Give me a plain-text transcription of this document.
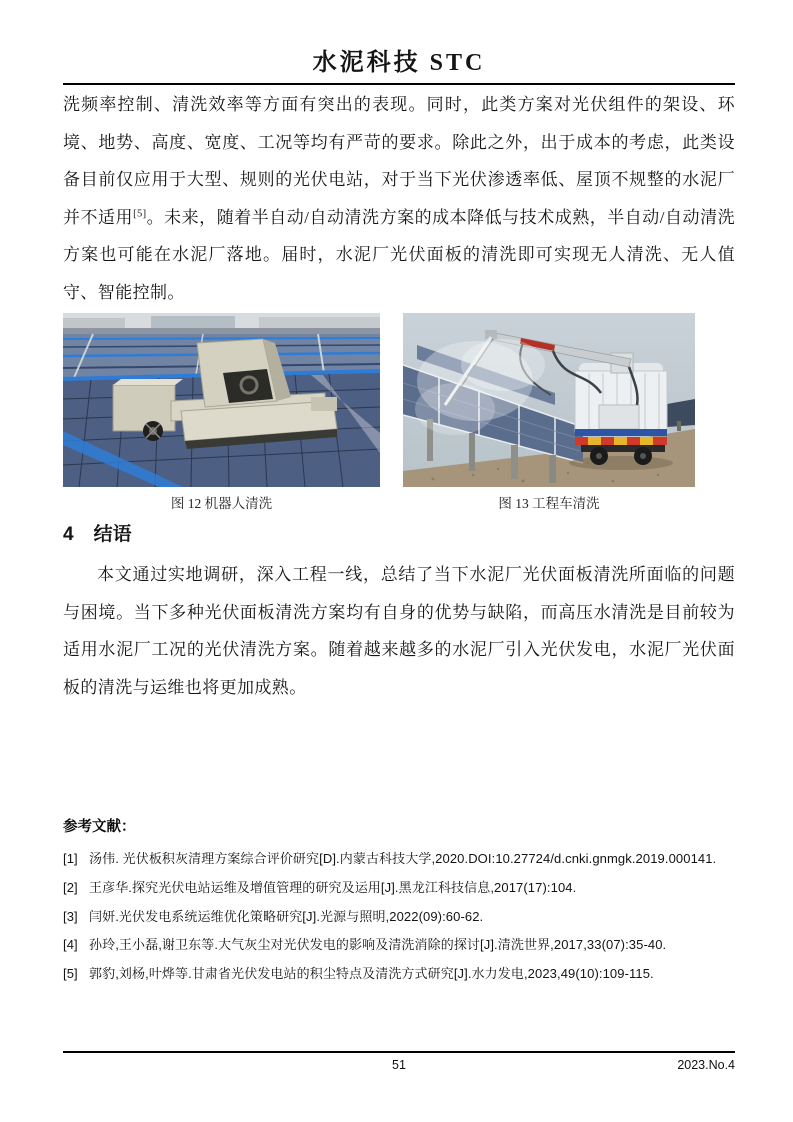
水泥科技 STC

洗频率控制、清洗效率等方面有突出的表现。同时，此类方案对光伏组件的架设、环境、地势、高度、宽度、工况等均有严苛的要求。除此之外，出于成本的考虑，此类设备目前仅应用于大型、规则的光伏电站，对于当下光伏渗透率低、屋顶不规整的水泥厂并不适用[5]。未来，随着半自动/自动清洗方案的成本降低与技术成熟，半自动/自动清洗方案也可能在水泥厂落地。届时，水泥厂光伏面板的清洗即可实现无人清洗、无人值守、智能控制。

图 12 机器人清洗	图 13 工程车清洗
4 结语

本文通过实地调研，深入工程一线，总结了当下水泥厂光伏面板清洗所面临的问题与困境。当下多种光伏面板清洗方案均有自身的优势与缺陷，而高压水清洗是目前较为适用水泥厂工况的光伏清洗方案。随着越来越多的水泥厂引入光伏发电，水泥厂光伏面板的清洗与运维也将更加成熟。

参考文献：
[1] 汤伟. 光伏板积灰清理方案综合评价研究[D].内蒙古科技大学,2020.DOI:10.27724/d.cnki.gnmgk.2019.000141.
[2] 王彦华.探究光伏电站运维及增值管理的研究及运用[J].黑龙江科技信息,2017(17):104.
[3] 闫妍.光伏发电系统运维优化策略研究[J].光源与照明,2022(09):60-62.
[4] 孙玲,王小磊,谢卫东等.大气灰尘对光伏发电的影响及清洗消除的探讨[J].清洗世界,2017,33(07):35-40.
[5] 郭豹,刘杨,叶烨等.甘肃省光伏发电站的积尘特点及清洗方式研究[J].水力发电,2023,49(10):109-115.
51	2023.No.4
